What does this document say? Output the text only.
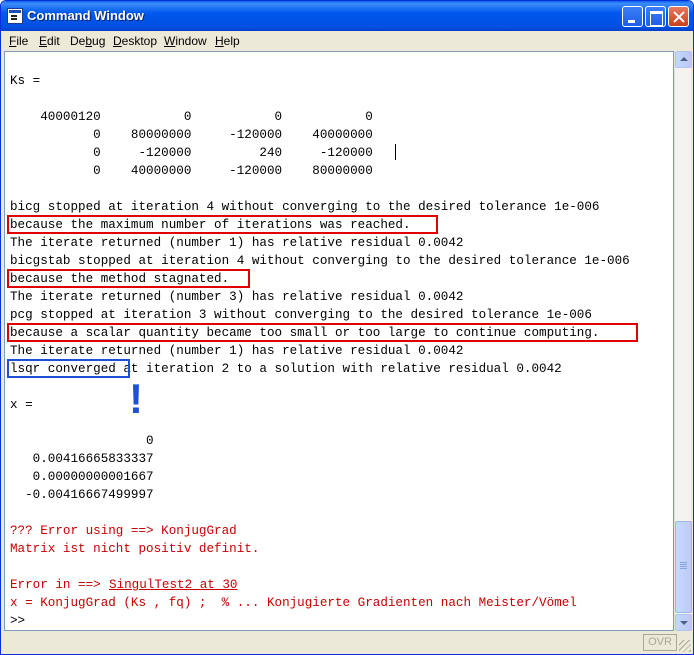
Command Window
File Edit Debug Desktop Window Help
Ks =
40000120           0           0           0
0    80000000     -120000    40000000
0     -120000         240     -120000
0    40000000     -120000    80000000
bicg stopped at iteration 4 without converging to the desired tolerance 1e-006
because the maximum number of iterations was reached.
The iterate returned (number 1) has relative residual 0.0042
bicgstab stopped at iteration 4 without converging to the desired tolerance 1e-006
because the method stagnated.
The iterate returned (number 3) has relative residual 0.0042
pcg stopped at iteration 3 without converging to the desired tolerance 1e-006
because a scalar quantity became too small or too large to continue computing.
The iterate returned (number 1) has relative residual 0.0042
lsqr converged at iteration 2 to a solution with relative residual 0.0042
x =
0
0.00416665833337
0.00000000001667
-0.00416667499997
??? Error using ==> KonjugGrad
Matrix ist nicht positiv definit.
Error in ==> SingulTest2 at 30
x = KonjugGrad (Ks , fq) ;  % ... Konjugierte Gradienten nach Meister/Vömel
>>
!
OVR
